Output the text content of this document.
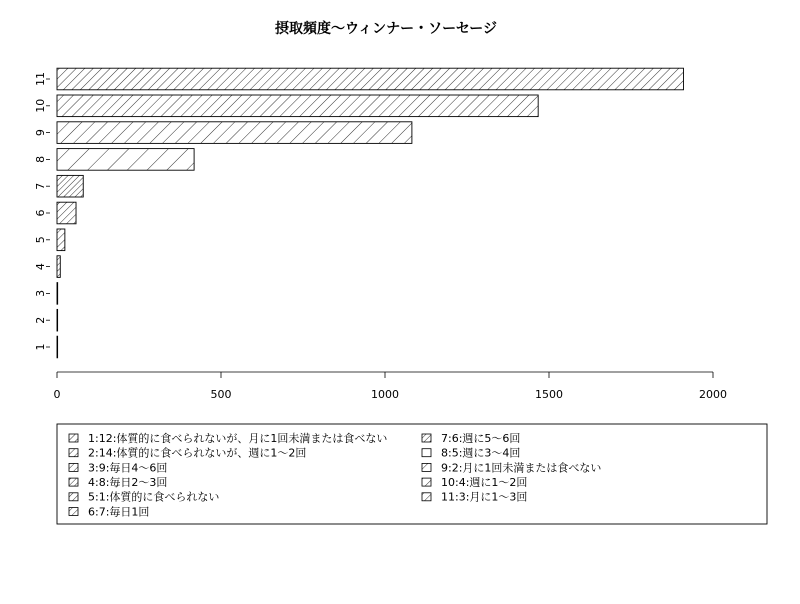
摂取頻度～ウィンナー・ソーセージ
1
2
3
4
5
6
7
8
9
10
11
0	500	1000	1500	2000
1:12:体質的に食べられないが、月に1回未満または食べない
2:14:体質的に食べられないが、週に1～2回
3:9:毎日4～6回
4:8:毎日2～3回
5:1:体質的に食べられない
6:7:毎日1回
7:6:週に5～6回
8:5:週に3～4回
9:2:月に1回未満または食べない
10:4:週に1～2回
11:3:月に1～3回
